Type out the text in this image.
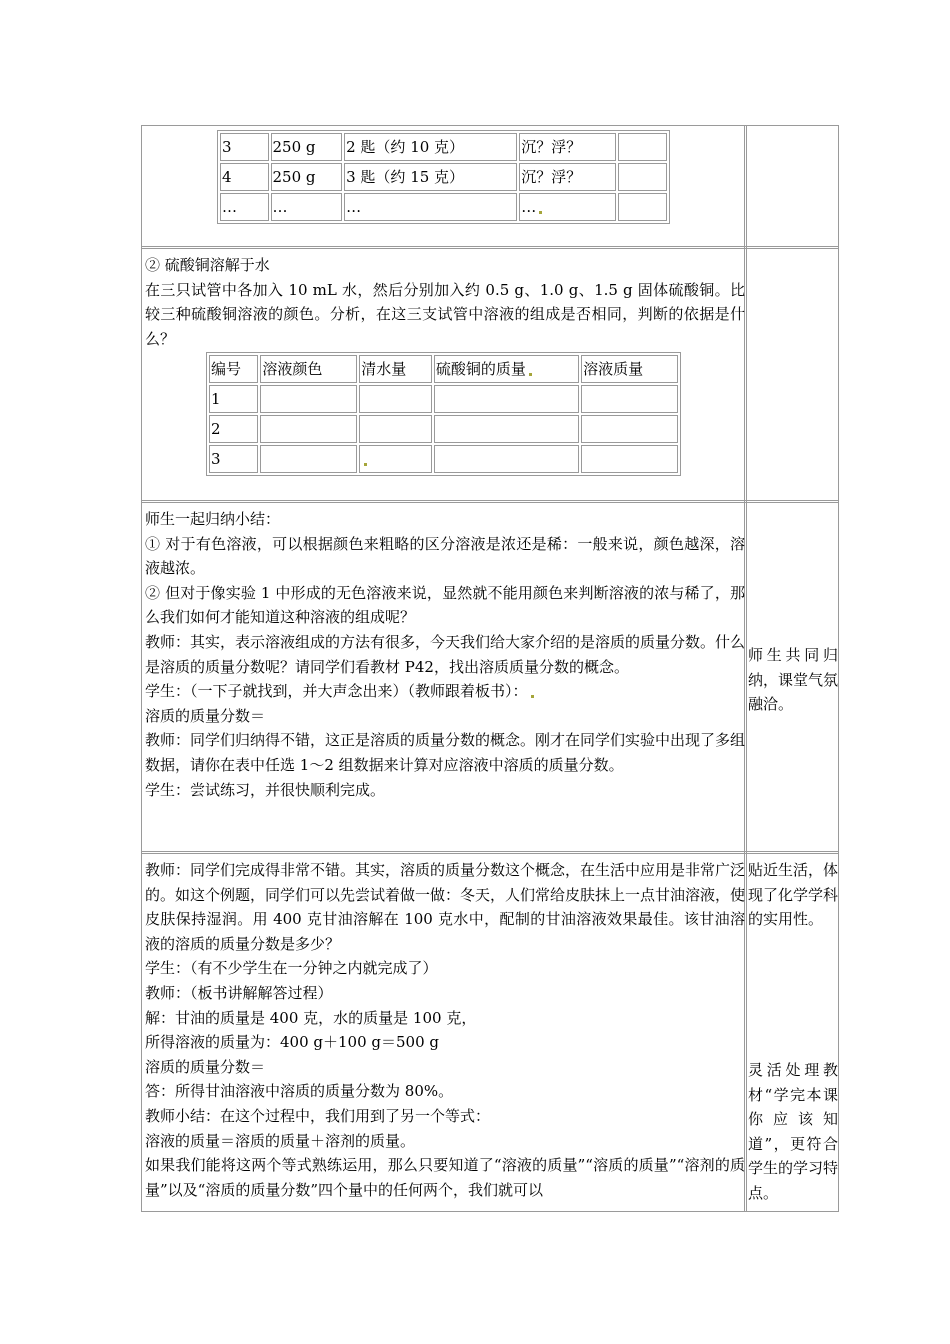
3	250 g	2 匙（约 10 克）	沉？浮？	
4	250 g	3 匙（约 15 克）	沉？浮？	
…	…	…	…	

② 硫酸铜溶解于水

在三只试管中各加入 10 mL 水，然后分别加入约 0.5 g、1.0 g、1.5 g 固体硫酸铜。比较三种硫酸铜溶液的颜色。分析，在这三支试管中溶液的组成是否相同，判断的依据是什么？

编号	溶液颜色	清水量	硫酸铜的质量	溶液质量
1				
2				
3				

师生一起归纳小结：

① 对于有色溶液，可以根据颜色来粗略的区分溶液是浓还是稀：一般来说，颜色越深，溶液越浓。

② 但对于像实验 1 中形成的无色溶液来说，显然就不能用颜色来判断溶液的浓与稀了，那么我们如何才能知道这种溶液的组成呢？

教师：其实，表示溶液组成的方法有很多，今天我们给大家介绍的是溶质的质量分数。什么是溶质的质量分数呢？请同学们看教材 P42，找出溶质质量分数的概念。

学生：（一下子就找到，并大声念出来）（教师跟着板书）：

溶质的质量分数＝

教师：同学们归纳得不错，这正是溶质的质量分数的概念。刚才在同学们实验中出现了多组数据，请你在表中任选 1～2 组数据来计算对应溶液中溶质的质量分数。

学生：尝试练习，并很快顺利完成。

师生共同归纳，课堂气氛融洽。

教师：同学们完成得非常不错。其实，溶质的质量分数这个概念，在生活中应用是非常广泛的。如这个例题，同学们可以先尝试着做一做：冬天，人们常给皮肤抹上一点甘油溶液，使皮肤保持湿润。用 400 克甘油溶解在 100 克水中，配制的甘油溶液效果最佳。该甘油溶液的溶质的质量分数是多少？

学生：（有不少学生在一分钟之内就完成了）

教师：（板书讲解解答过程）

解：甘油的质量是 400 克，水的质量是 100 克，

所得溶液的质量为：400 g＋100 g＝500 g

溶质的质量分数＝

答：所得甘油溶液中溶质的质量分数为 80%。

教师小结：在这个过程中，我们用到了另一个等式：

溶液的质量＝溶质的质量＋溶剂的质量。

如果我们能将这两个等式熟练运用，那么只要知道了“溶液的质量”“溶质的质量”“溶剂的质量”以及“溶质的质量分数”四个量中的任何两个，我们就可以

贴近生活，体现了化学学科的实用性。

灵活处理教材“学完本课你应该知道”，更符合学生的学习特点。
